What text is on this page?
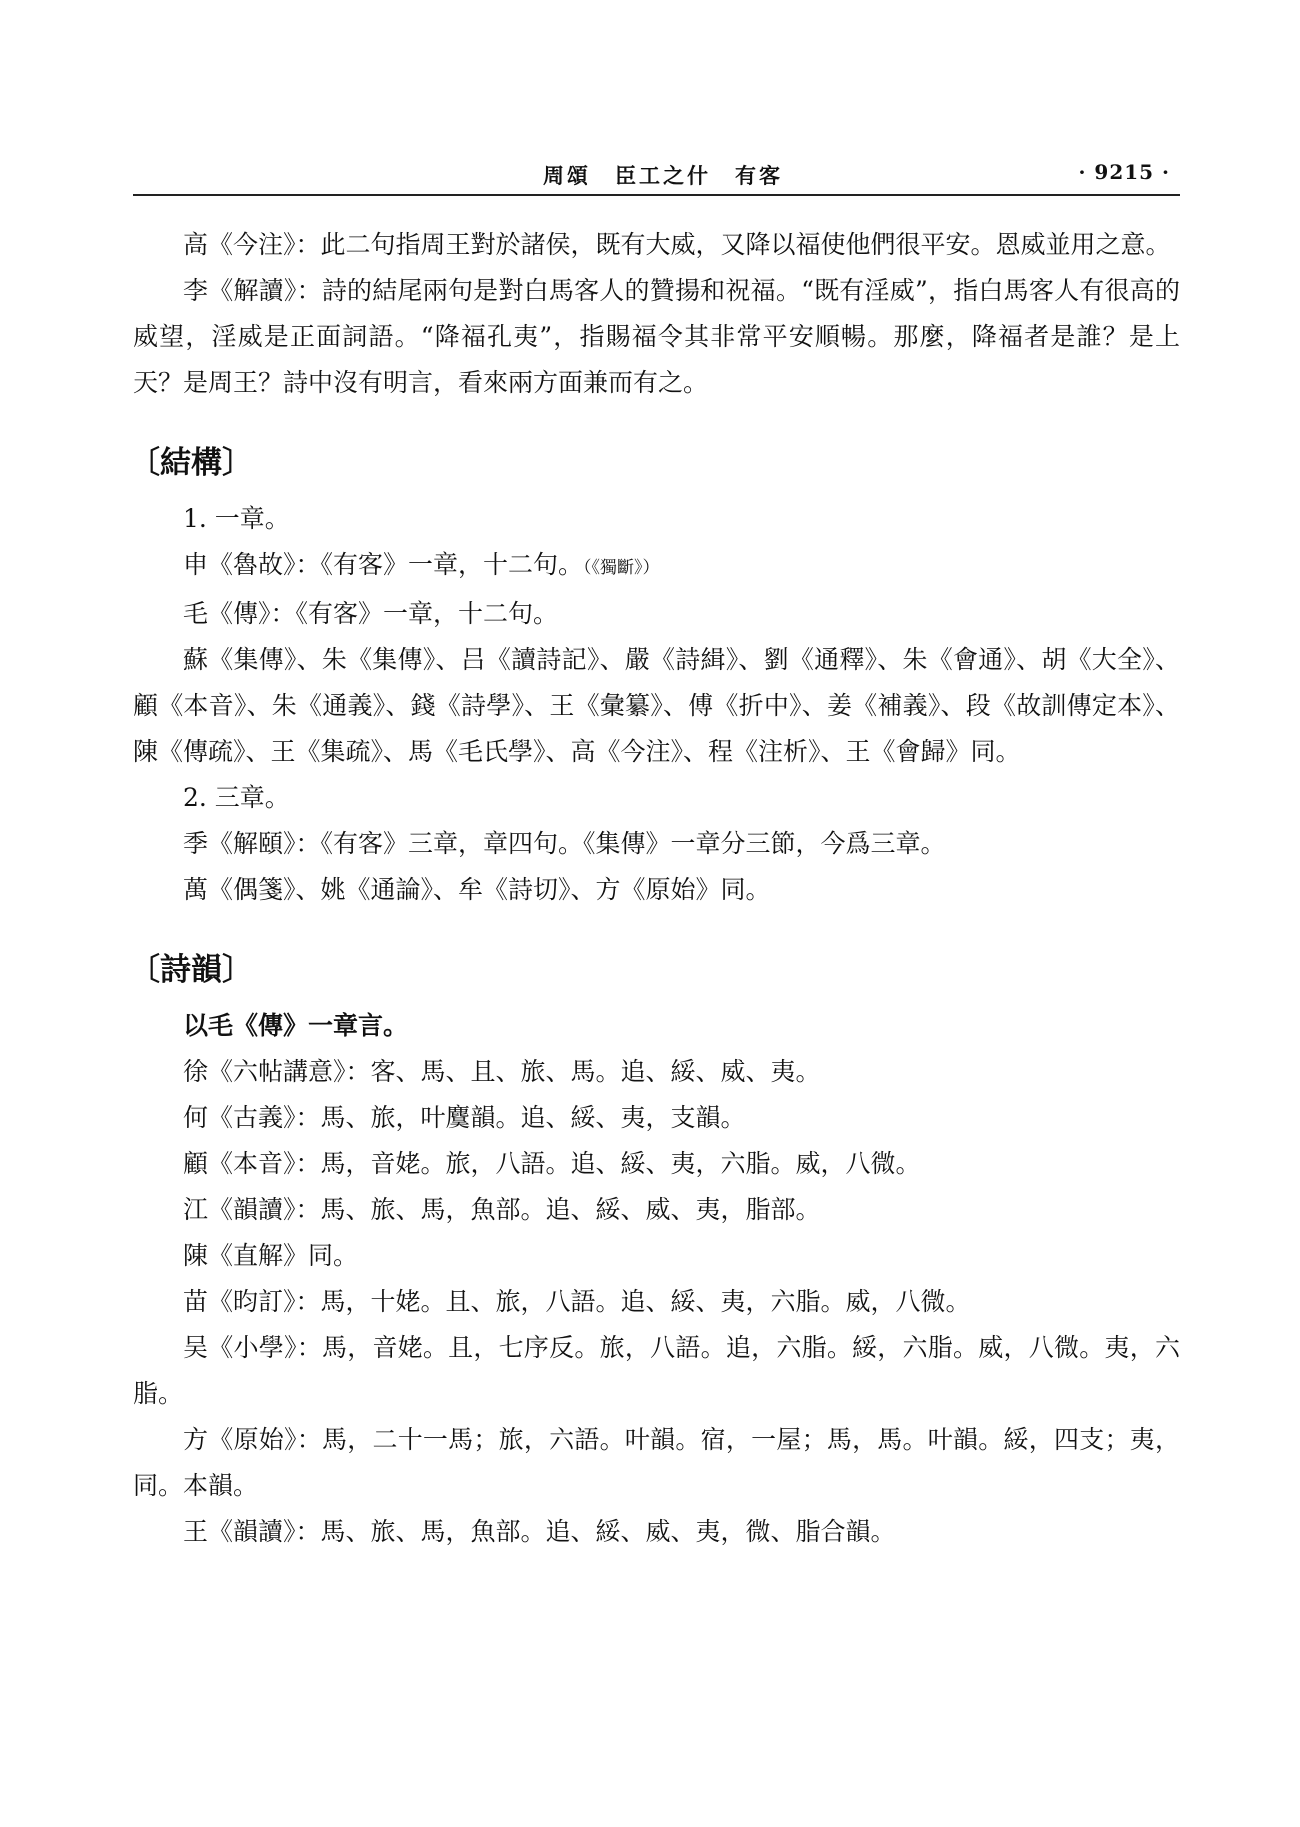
周頌　臣工之什　有客	· 9215 ·

高《今注》：此二句指周王對於諸侯，既有大威，又降以福使他們很平安。恩威並用之意。

李《解讀》：詩的結尾兩句是對白馬客人的贊揚和祝福。“既有淫威”，指白馬客人有很高的威望，淫威是正面詞語。“降福孔夷”，指賜福令其非常平安順暢。那麼，降福者是誰？是上天？是周王？詩中沒有明言，看來兩方面兼而有之。

〔結構〕

1. 一章。

申《魯故》：《有客》一章，十二句。（《獨斷》）

毛《傳》：《有客》一章，十二句。

蘇《集傳》、朱《集傳》、吕《讀詩記》、嚴《詩緝》、劉《通釋》、朱《會通》、胡《大全》、顧《本音》、朱《通義》、錢《詩學》、王《彙纂》、傅《折中》、姜《補義》、段《故訓傳定本》、陳《傳疏》、王《集疏》、馬《毛氏學》、高《今注》、程《注析》、王《會歸》同。

2. 三章。

季《解頤》：《有客》三章，章四句。《集傳》一章分三節，今爲三章。

萬《偶箋》、姚《通論》、牟《詩切》、方《原始》同。

〔詩韻〕

以毛《傳》一章言。

徐《六帖講意》：客、馬、且、旅、馬。追、綏、威、夷。

何《古義》：馬、旅，叶麌韻。追、綏、夷，支韻。

顧《本音》：馬，音姥。旅，八語。追、綏、夷，六脂。威，八微。

江《韻讀》：馬、旅、馬，魚部。追、綏、威、夷，脂部。

陳《直解》同。

苗《昀訂》：馬，十姥。且、旅，八語。追、綏、夷，六脂。威，八微。

吴《小學》：馬，音姥。且，七序反。旅，八語。追，六脂。綏，六脂。威，八微。夷，六脂。

方《原始》：馬，二十一馬；旅，六語。叶韻。宿，一屋；馬，馬。叶韻。綏，四支；夷，同。本韻。

王《韻讀》：馬、旅、馬，魚部。追、綏、威、夷，微、脂合韻。
